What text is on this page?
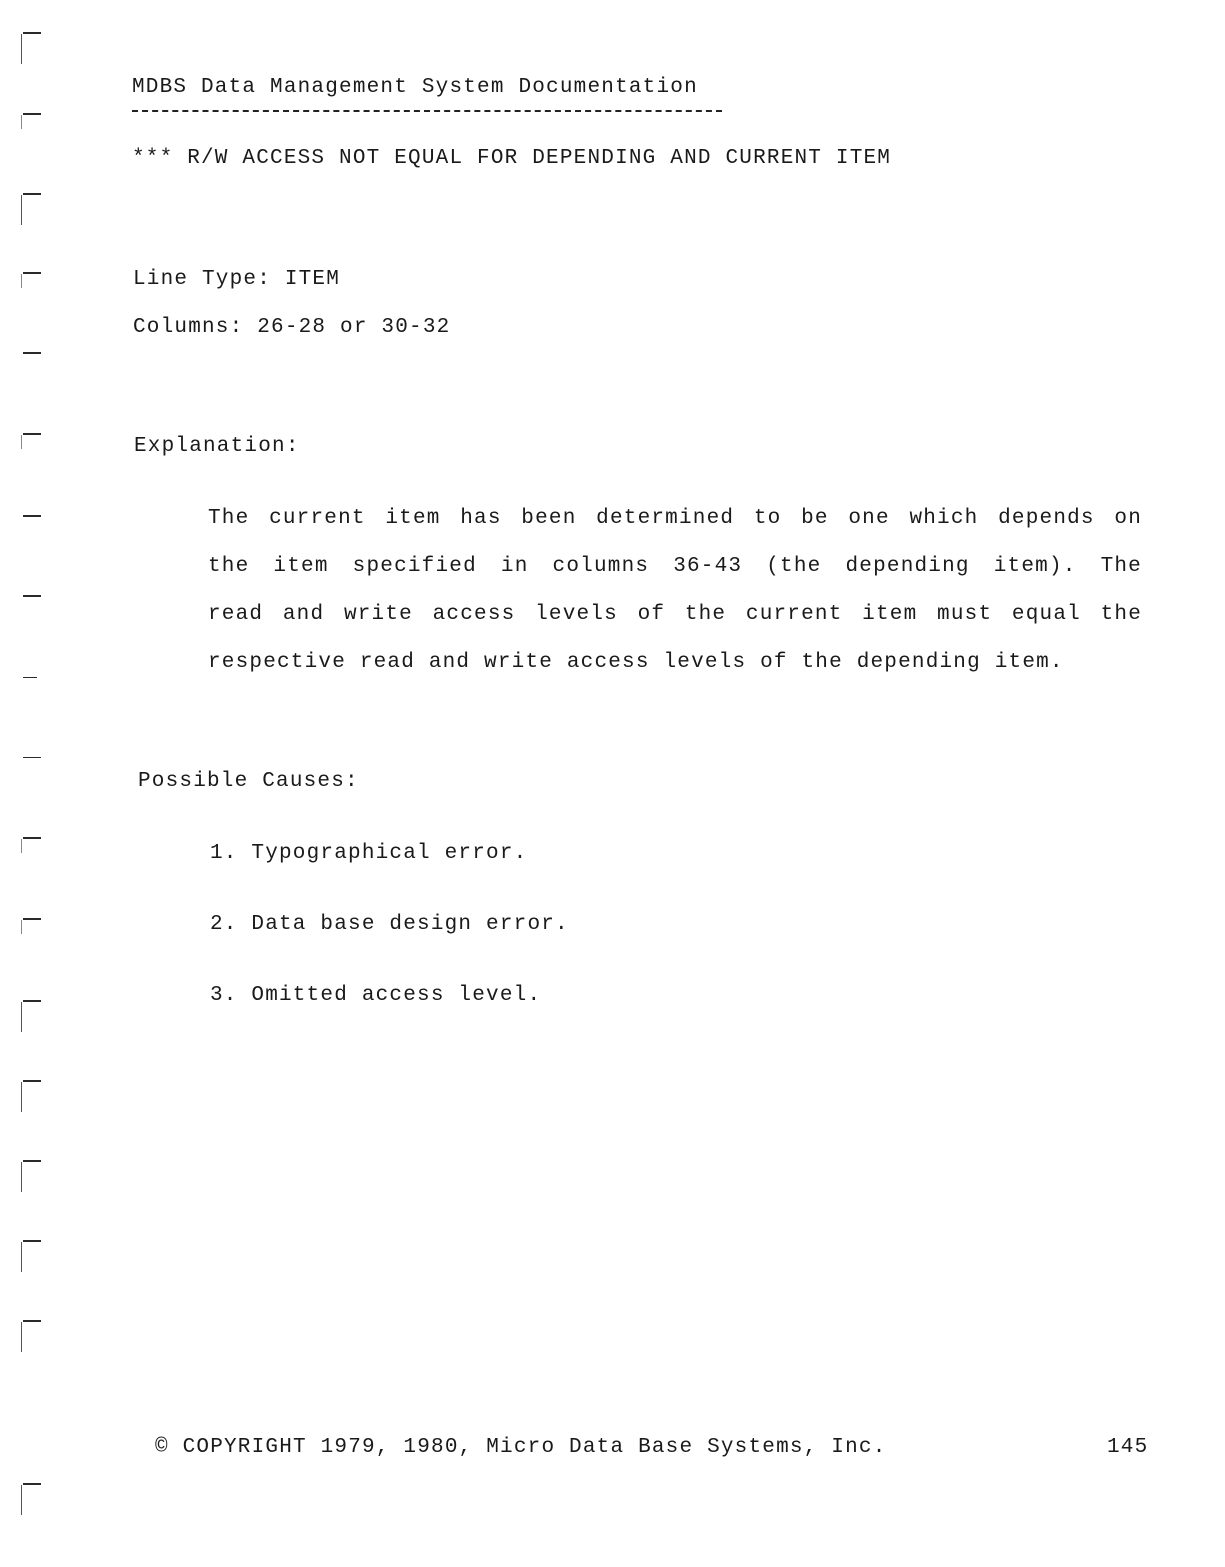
MDBS Data Management System Documentation
*** R/W ACCESS NOT EQUAL FOR DEPENDING AND CURRENT ITEM
Line Type: ITEM
Columns: 26-28 or 30-32
Explanation:
The current item has been determined to be one which depends on
the item specified in columns 36-43 (the depending item). The
read and write access levels of the current item must equal the
respective read and write access levels of the depending item.
Possible Causes:
1. Typographical error.
2. Data base design error.
3. Omitted access level.
© COPYRIGHT 1979, 1980, Micro Data Base Systems, Inc.	145
